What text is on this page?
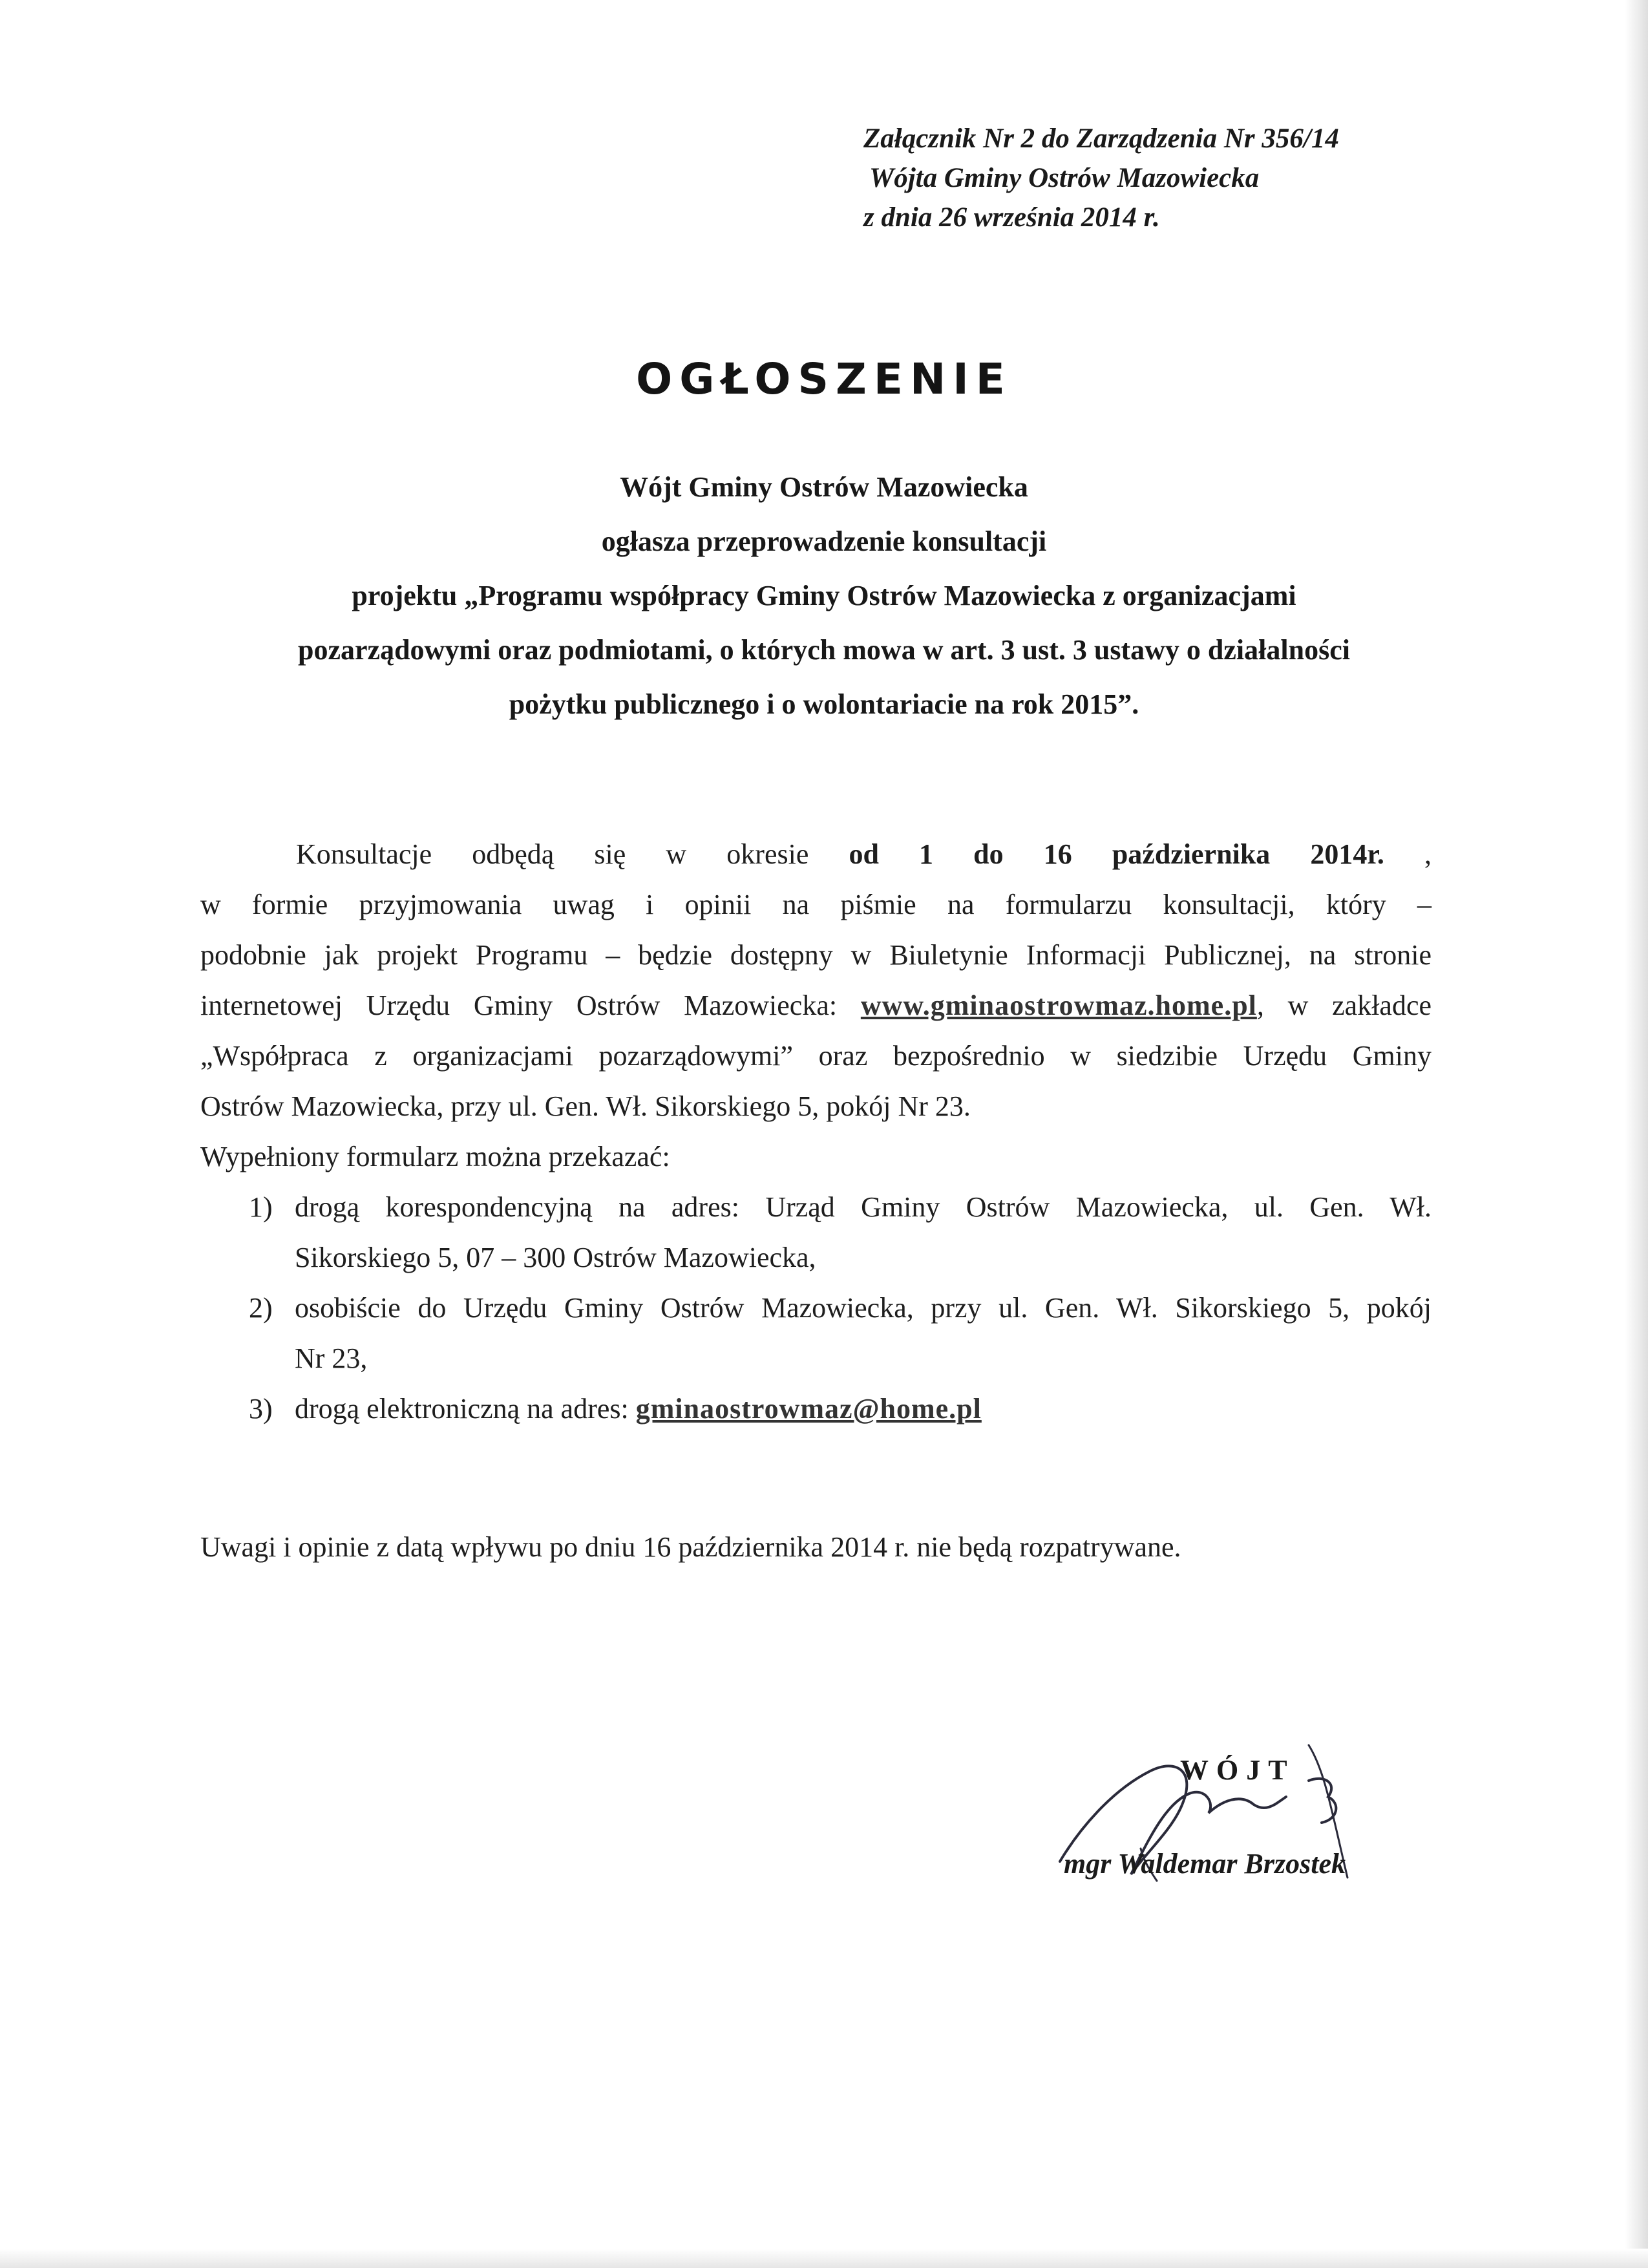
Załącznik Nr 2 do Zarządzenia Nr 356/14
Wójta Gminy Ostrów Mazowiecka
z dnia 26 września 2014 r.
OGŁOSZENIE
Wójt Gminy Ostrów Mazowiecka
ogłasza przeprowadzenie konsultacji
projektu „Programu współpracy Gminy Ostrów Mazowiecka z organizacjami
pozarządowymi oraz podmiotami, o których mowa w art. 3 ust. 3 ustawy o działalności
pożytku publicznego i o wolontariacie na rok 2015”.
Konsultacje odbędą się w okresie od 1 do 16 października 2014r. ,
w formie przyjmowania uwag i opinii na piśmie na formularzu konsultacji, który –
podobnie jak projekt Programu – będzie dostępny w Biuletynie Informacji Publicznej, na stronie
internetowej Urzędu Gminy Ostrów Mazowiecka: www.gminaostrowmaz.home.pl, w zakładce
„Współpraca z organizacjami pozarządowymi” oraz bezpośrednio w siedzibie Urzędu Gminy
Ostrów Mazowiecka, przy ul. Gen. Wł. Sikorskiego 5, pokój Nr 23.
Wypełniony formularz można przekazać:
1) drogą korespondencyjną na adres: Urząd Gminy Ostrów Mazowiecka, ul. Gen. Wł.
Sikorskiego 5, 07 – 300 Ostrów Mazowiecka,
2) osobiście do Urzędu Gminy Ostrów Mazowiecka, przy ul. Gen. Wł. Sikorskiego 5, pokój
Nr 23,
3) drogą elektroniczną na adres: gminaostrowmaz@home.pl
Uwagi i opinie z datą wpływu po dniu 16 października 2014 r. nie będą rozpatrywane.
WÓJT
mgr Waldemar Brzostek
